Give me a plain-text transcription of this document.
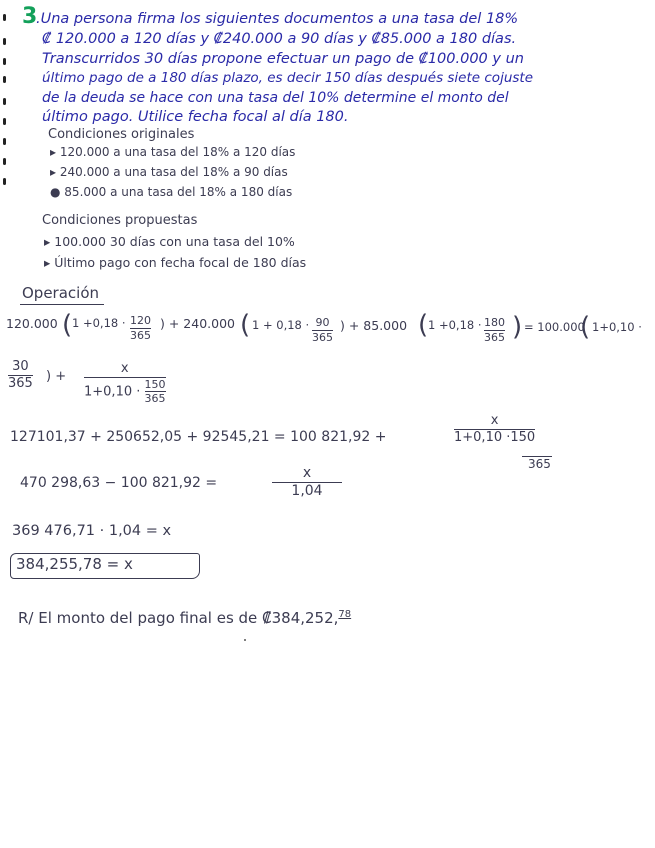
3
.Una persona firma los siguientes documentos a una tasa del 18%
₡ 120.000 a 120 días y ₡240.000 a 90 días y ₡85.000 a 180 días.
Transcurridos 30 días propone efectuar un pago de ₡100.000 y un
último pago de a 180 días plazo, es decir 150 días después siete cojuste
de la deuda se hace con una tasa del 10% determine el monto del
último pago. Utilice fecha focal al día 180.
Condiciones originales
▸ 120.000 a una tasa del 18% a 120 días
▸ 240.000 a una tasa del 18% a 90 días
● 85.000 a una tasa del 18% a 180 días
Condiciones propuestas
▸ 100.000 30 días con una tasa del 10%
▸ Último pago con fecha focal de 180 días
Operación
120.000 ( 1 +0,18 · 120
365
) + 240.000 ( 1 + 0,18 · 90
365
) + 85.000 ( 1 +0,18 · 180
365 ) = 100.000
( 1+0,10 ·
30
365 ) +
x
$1+0,10 \cdot \frac{150}{365}$
127101,37 + 250652,05 + 92545,21 = 100 821,92 +
x
1+0,10 ·150
365
470 298,63 − 100 821,92 =
x
1,04
369 476,71 · 1,04 = x
384,255,78 = x
R/ El monto del pago final es de ₡384,252,78
